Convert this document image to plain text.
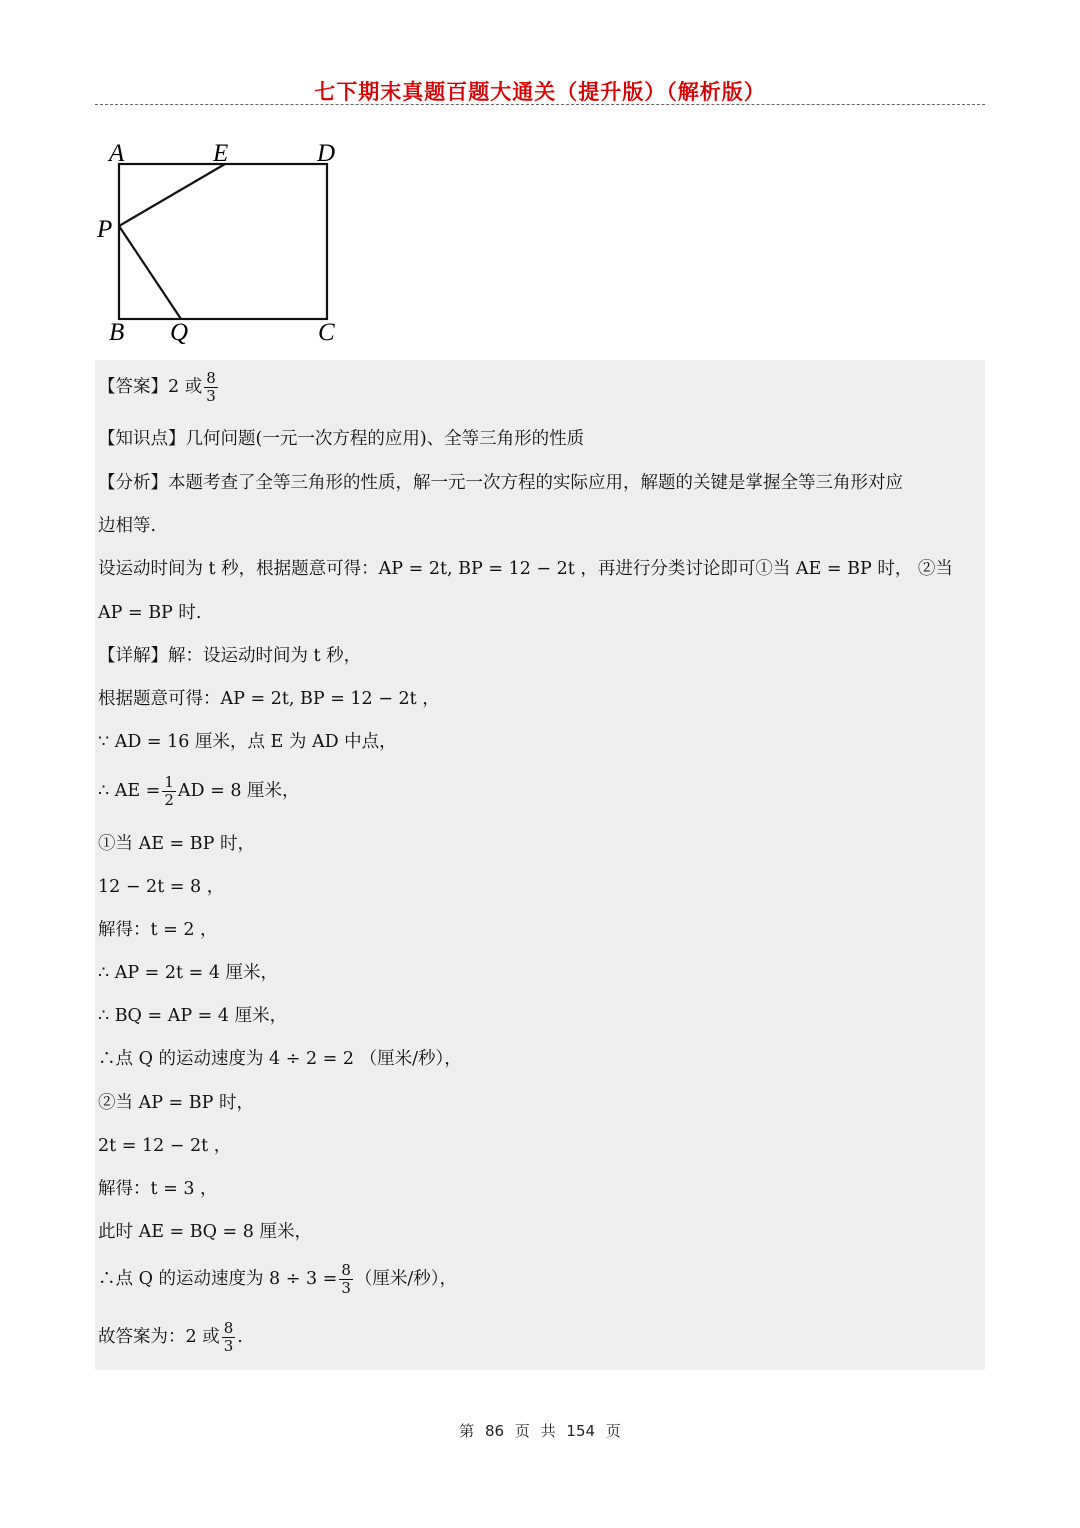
七下期末真题百题大通关（提升版）（解析版）
A	E	D
P
B Q	C
【答案】2 或 $\frac{8}{3}$
【知识点】几何问题(一元一次方程的应用)、全等三角形的性质
【分析】本题考查了全等三角形的性质，解一元一次方程的实际应用，解题的关键是掌握全等三角形对应
边相等.
设运动时间为 t 秒，根据题意可得：AP = 2t, BP = 12 − 2t ，再进行分类讨论即可①当 AE = BP 时， ②当
AP = BP 时.
【详解】解：设运动时间为 t 秒，
根据题意可得：AP = 2t, BP = 12 − 2t ，
∵ AD = 16 厘米，点 E 为 AD 中点，
∴ AE = $\frac{1}{2}$ AD = 8 厘米，
①当 AE = BP 时，
12 − 2t = 8 ，
解得：t = 2 ，
∴ AP = 2t = 4 厘米，
∴ BQ = AP = 4 厘米，
∴点 Q 的运动速度为 4 ÷ 2 = 2 （厘米/秒），
②当 AP = BP 时，
2t = 12 − 2t ，
解得：t = 3 ，
此时 AE = BQ = 8 厘米，
∴点 Q 的运动速度为 $8 \div 3 = \frac{8}{3}$ （厘米/秒），
故答案为：2 或 $\frac{8}{3}$ .
第 86 页 共 154 页
